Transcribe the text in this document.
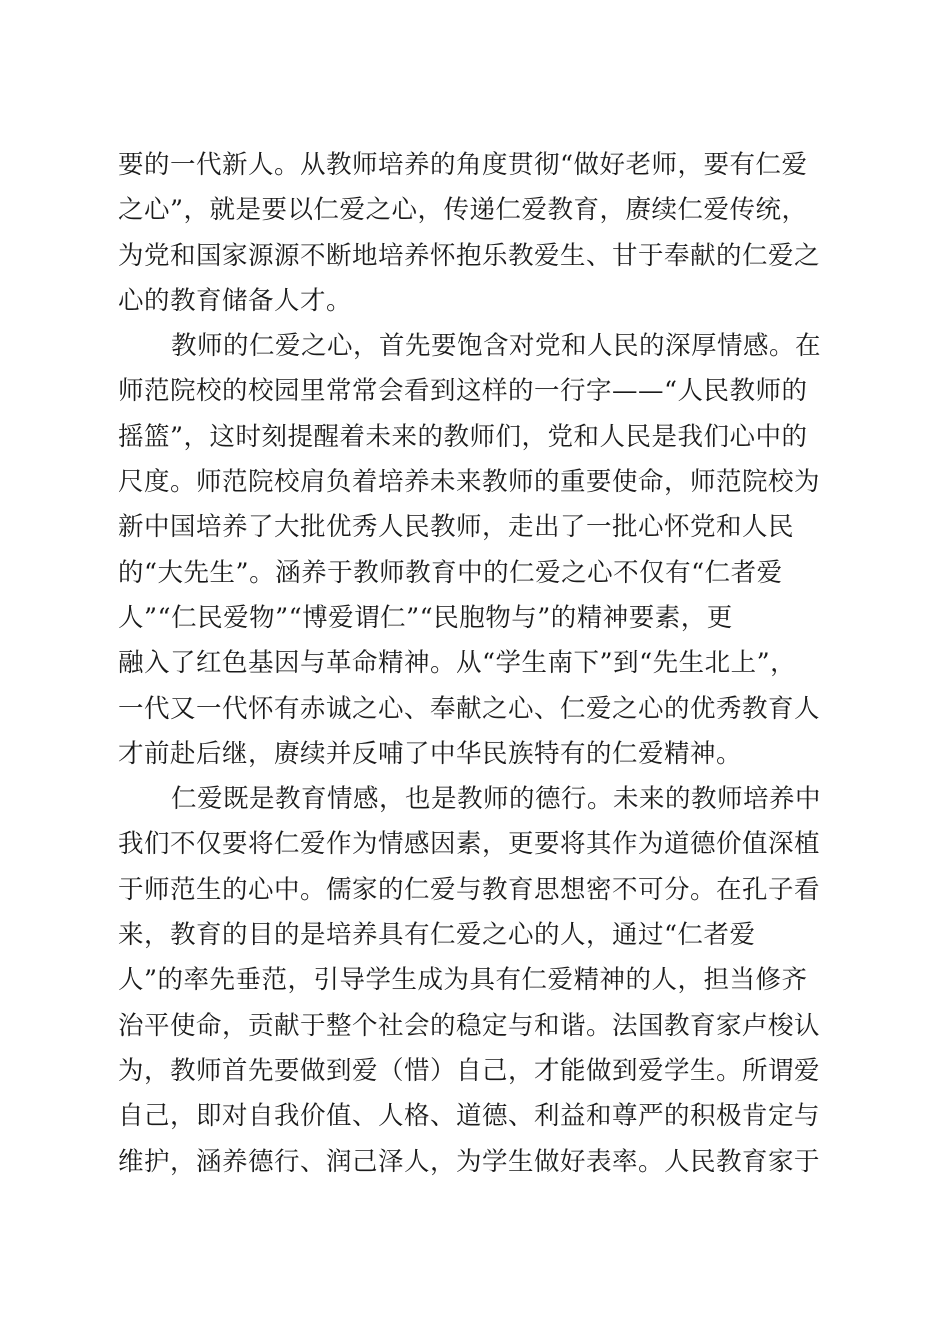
要的一代新人。从教师培养的角度贯彻“做好老师，要有仁爱
之心”，就是要以仁爱之心，传递仁爱教育，赓续仁爱传统，
为党和国家源源不断地培养怀抱乐教爱生、甘于奉献的仁爱之
心的教育储备人才。
教师的仁爱之心，首先要饱含对党和人民的深厚情感。在
师范院校的校园里常常会看到这样的一行字——“人民教师的
摇篮”，这时刻提醒着未来的教师们，党和人民是我们心中的
尺度。师范院校肩负着培养未来教师的重要使命，师范院校为
新中国培养了大批优秀人民教师，走出了一批心怀党和人民
的“大先生”。涵养于教师教育中的仁爱之心不仅有“仁者爱
人”“仁民爱物”“博爱谓仁”“民胞物与”的精神要素，更
融入了红色基因与革命精神。从“学生南下”到“先生北上”，
一代又一代怀有赤诚之心、奉献之心、仁爱之心的优秀教育人
才前赴后继，赓续并反哺了中华民族特有的仁爱精神。
仁爱既是教育情感，也是教师的德行。未来的教师培养中
我们不仅要将仁爱作为情感因素，更要将其作为道德价值深植
于师范生的心中。儒家的仁爱与教育思想密不可分。在孔子看
来，教育的目的是培养具有仁爱之心的人，通过“仁者爱
人”的率先垂范，引导学生成为具有仁爱精神的人，担当修齐
治平使命，贡献于整个社会的稳定与和谐。法国教育家卢梭认
为，教师首先要做到爱（惜）自己，才能做到爱学生。所谓爱
自己，即对自我价值、人格、道德、利益和尊严的积极肯定与
维护，涵养德行、润己泽人，为学生做好表率。人民教育家于
